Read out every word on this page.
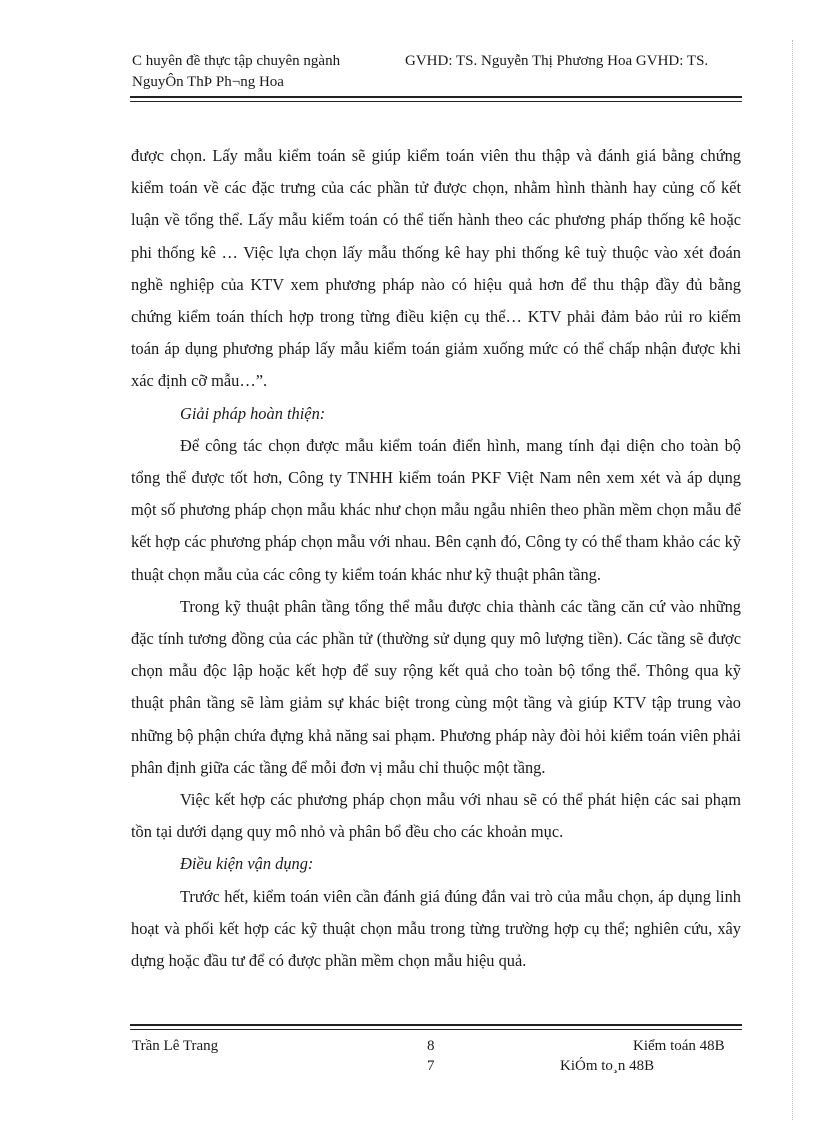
C huyên đề thực tập chuyên ngành	GVHD: TS. Nguyễn Thị Phương Hoa GVHD: TS.
NguyÔn ThÞ Ph¬ng Hoa

được chọn. Lấy mẫu kiểm toán sẽ giúp kiểm toán viên thu thập và đánh giá bằng chứng kiểm toán về các đặc trưng của các phần tử được chọn, nhằm hình thành hay củng cố kết luận về tổng thể. Lấy mẫu kiểm toán có thể tiến hành theo các phương pháp thống kê hoặc phi thống kê … Việc lựa chọn lấy mẫu thống kê hay phi thống kê tuỳ thuộc vào xét đoán nghề nghiệp của KTV xem phương pháp nào có hiệu quả hơn để thu thập đầy đủ bằng chứng kiểm toán thích hợp trong từng điều kiện cụ thể… KTV phải đảm bảo rủi ro kiểm toán áp dụng phương pháp lấy mẫu kiểm toán giảm xuống mức có thể chấp nhận được khi xác định cỡ mẫu…”.

Giải pháp hoàn thiện:

Để công tác chọn được mẫu kiểm toán điển hình, mang tính đại diện cho toàn bộ tổng thể được tốt hơn, Công ty TNHH kiểm toán PKF Việt Nam nên xem xét và áp dụng một số phương pháp chọn mẫu khác như chọn mẫu ngẫu nhiên theo phần mềm chọn mẫu để kết hợp các phương pháp chọn mẫu với nhau. Bên cạnh đó, Công ty có thể tham khảo các kỹ thuật chọn mẫu của các công ty kiểm toán khác như kỹ thuật phân tầng.

Trong kỹ thuật phân tầng tổng thể mẫu được chia thành các tầng căn cứ vào những đặc tính tương đồng của các phần tử (thường sử dụng quy mô lượng tiền). Các tầng sẽ được chọn mẫu độc lập hoặc kết hợp để suy rộng kết quả cho toàn bộ tổng thể. Thông qua kỹ thuật phân tầng sẽ làm giảm sự khác biệt trong cùng một tầng và giúp KTV tập trung vào những bộ phận chứa đựng khả năng sai phạm. Phương pháp này đòi hỏi kiểm toán viên phải phân định giữa các tầng để mỗi đơn vị mẫu chỉ thuộc một tầng.

Việc kết hợp các phương pháp chọn mẫu với nhau sẽ có thể phát hiện các sai phạm tồn tại dưới dạng quy mô nhỏ và phân bổ đều cho các khoản mục.

Điều kiện vận dụng:

Trước hết, kiểm toán viên cần đánh giá đúng đắn vai trò của mẫu chọn, áp dụng linh hoạt và phối kết hợp các kỹ thuật chọn mẫu trong từng trường hợp cụ thể; nghiên cứu, xây dựng hoặc đầu tư để có được phần mềm chọn mẫu hiệu quả.

Trần Lê Trang	8	Kiểm toán 48B
7	KiÓm to¸n 48B
